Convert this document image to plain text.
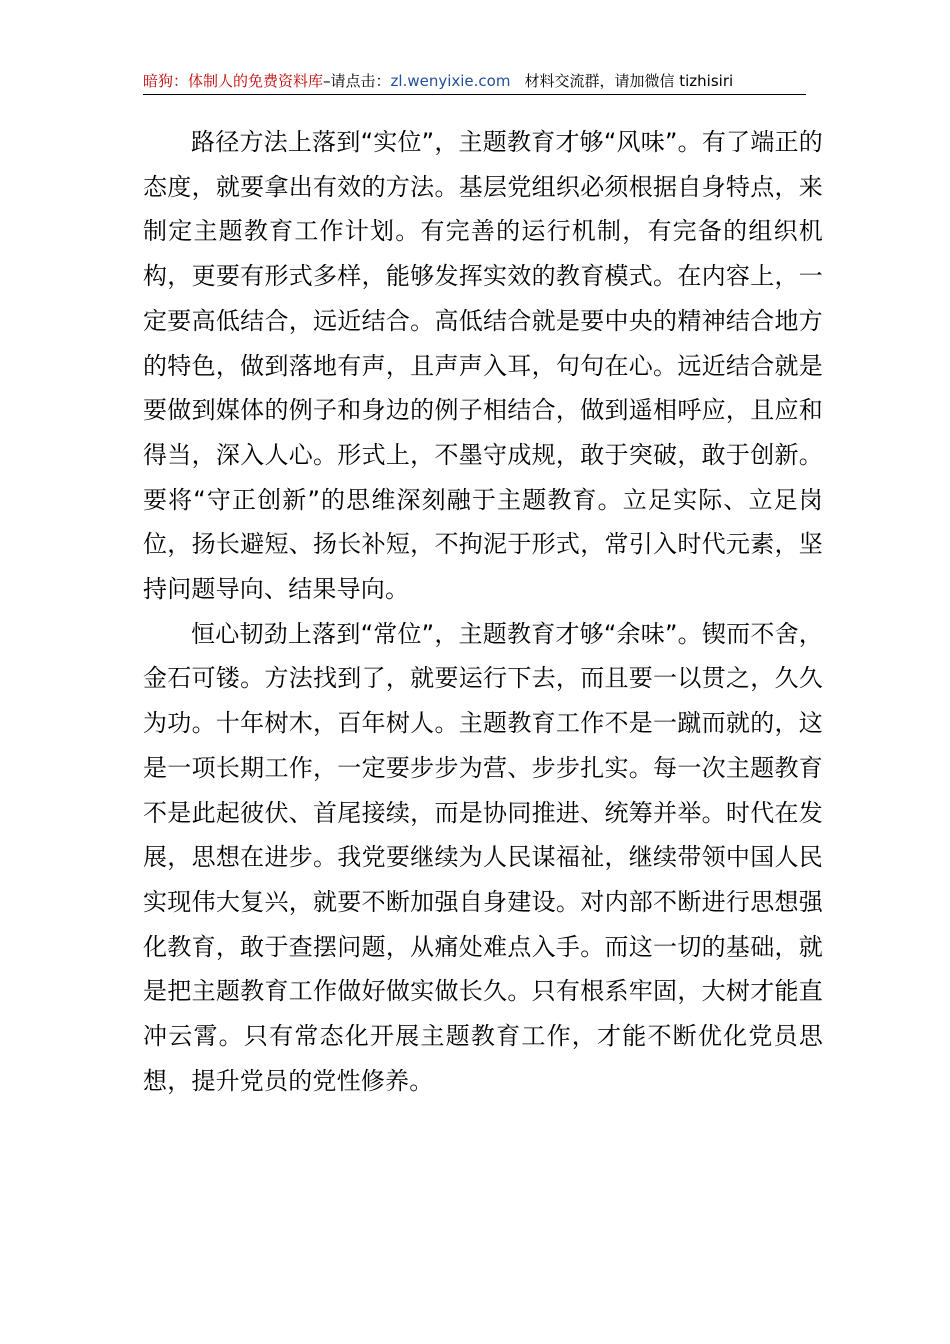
暗狗：体制人的免费资料库–请点击：zl.wenyixie.com 材料交流群，请加微信 tizhisiri

路径方法上落到“实位”，主题教育才够“风味”。有了端正的态度，就要拿出有效的方法。基层党组织必须根据自身特点，来制定主题教育工作计划。有完善的运行机制，有完备的组织机构，更要有形式多样，能够发挥实效的教育模式。在内容上，一定要高低结合，远近结合。高低结合就是要中央的精神结合地方的特色，做到落地有声，且声声入耳，句句在心。远近结合就是要做到媒体的例子和身边的例子相结合，做到遥相呼应，且应和得当，深入人心。形式上，不墨守成规，敢于突破，敢于创新。要将“守正创新”的思维深刻融于主题教育。立足实际、立足岗位，扬长避短、扬长补短，不拘泥于形式，常引入时代元素，坚持问题导向、结果导向。

恒心韧劲上落到“常位”，主题教育才够“余味”。锲而不舍，金石可镂。方法找到了，就要运行下去，而且要一以贯之，久久为功。十年树木，百年树人。主题教育工作不是一蹴而就的，这是一项长期工作，一定要步步为营、步步扎实。每一次主题教育不是此起彼伏、首尾接续，而是协同推进、统筹并举。时代在发展，思想在进步。我党要继续为人民谋福祉，继续带领中国人民实现伟大复兴，就要不断加强自身建设。对内部不断进行思想强化教育，敢于查摆问题，从痛处难点入手。而这一切的基础，就是把主题教育工作做好做实做长久。只有根系牢固，大树才能直冲云霄。只有常态化开展主题教育工作，才能不断优化党员思想，提升党员的党性修养。
